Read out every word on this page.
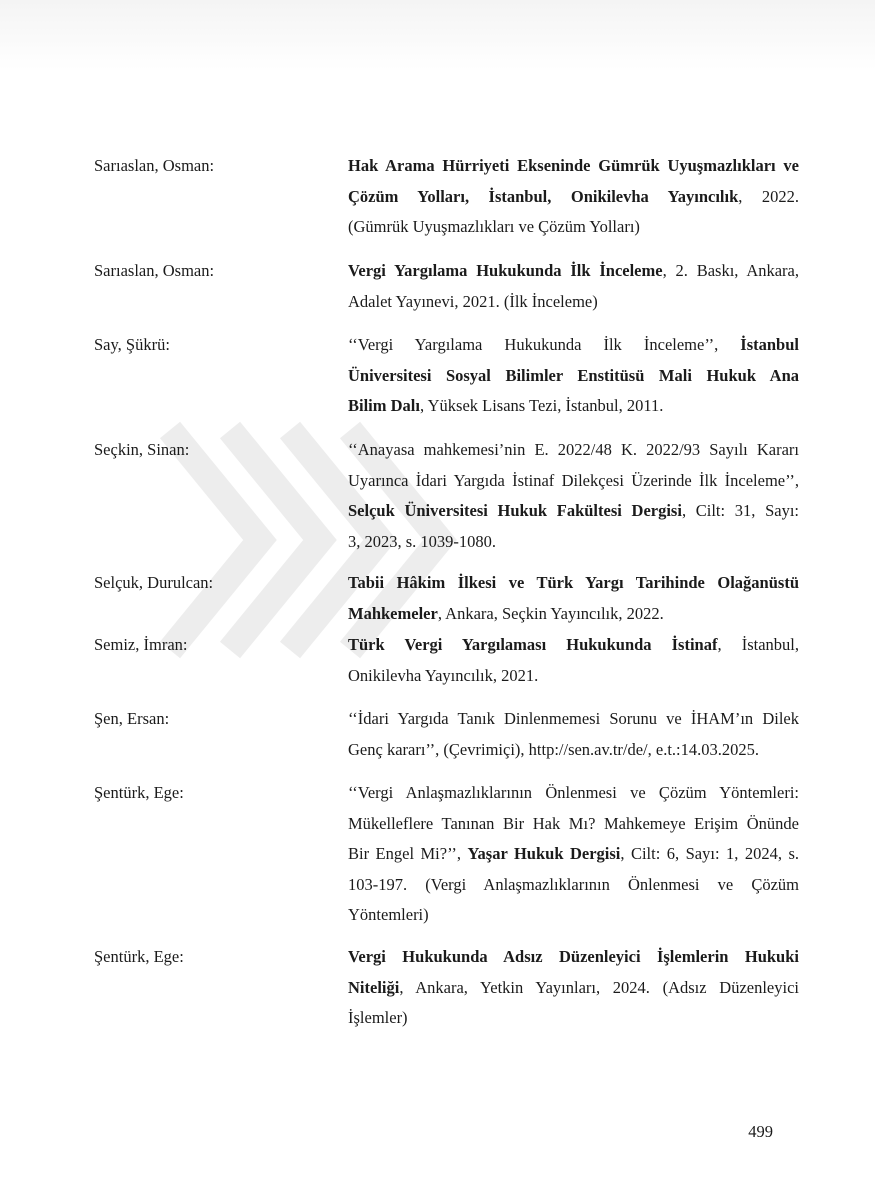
Sarıaslan, Osman:	Hak Arama Hürriyeti Ekseninde Gümrük Uyuşmazlıkları ve
Çözüm Yolları, İstanbul, Onikilevha Yayıncılık, 2022.
(Gümrük Uyuşmazlıkları ve Çözüm Yolları)
Sarıaslan, Osman:	Vergi Yargılama Hukukunda İlk İnceleme, 2. Baskı, Ankara,
Adalet Yayınevi, 2021. (İlk İnceleme)
Say, Şükrü:	‘‘Vergi Yargılama Hukukunda İlk İnceleme’’, İstanbul
Üniversitesi Sosyal Bilimler Enstitüsü Mali Hukuk Ana
Bilim Dalı, Yüksek Lisans Tezi, İstanbul, 2011.
Seçkin, Sinan:	‘‘Anayasa mahkemesi’nin E. 2022/48 K. 2022/93 Sayılı Kararı
Uyarınca İdari Yargıda İstinaf Dilekçesi Üzerinde İlk İnceleme’’,
Selçuk Üniversitesi Hukuk Fakültesi Dergisi, Cilt: 31, Sayı:
3, 2023, s. 1039-1080.
Selçuk, Durulcan:	Tabii Hâkim İlkesi ve Türk Yargı Tarihinde Olağanüstü
Mahkemeler, Ankara, Seçkin Yayıncılık, 2022.
Semiz, İmran:	Türk Vergi Yargılaması Hukukunda İstinaf, İstanbul,
Onikilevha Yayıncılık, 2021.
Şen, Ersan:	‘‘İdari Yargıda Tanık Dinlenmemesi Sorunu ve İHAM’ın Dilek
Genç kararı’’, (Çevrimiçi), http://sen.av.tr/de/, e.t.:14.03.2025.
Şentürk, Ege:	‘‘Vergi Anlaşmazlıklarının Önlenmesi ve Çözüm Yöntemleri:
Mükelleflere Tanınan Bir Hak Mı? Mahkemeye Erişim Önünde
Bir Engel Mi?’’, Yaşar Hukuk Dergisi, Cilt: 6, Sayı: 1, 2024, s.
103-197. (Vergi Anlaşmazlıklarının Önlenmesi ve Çözüm
Yöntemleri)
Şentürk, Ege:	Vergi Hukukunda Adsız Düzenleyici İşlemlerin Hukuki
Niteliği, Ankara, Yetkin Yayınları, 2024. (Adsız Düzenleyici
İşlemler)
499
